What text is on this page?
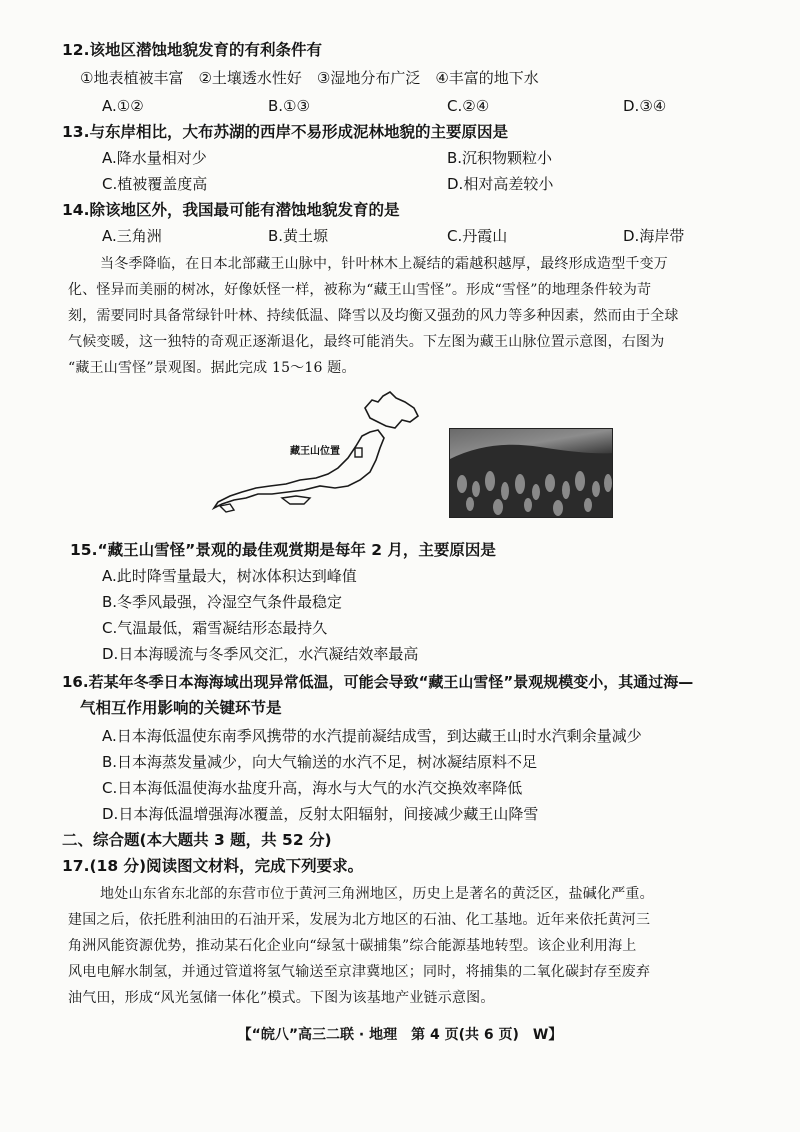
12.该地区潜蚀地貌发育的有利条件有
①地表植被丰富　②土壤透水性好　③湿地分布广泛　④丰富的地下水
A.①②	B.①③	C.②④	D.③④
13.与东岸相比，大布苏湖的西岸不易形成泥林地貌的主要原因是
A.降水量相对少	B.沉积物颗粒小
C.植被覆盖度高	D.相对高差较小
14.除该地区外，我国最可能有潜蚀地貌发育的是
A.三角洲	B.黄土塬	C.丹霞山	D.海岸带
当冬季降临，在日本北部藏王山脉中，针叶林木上凝结的霜越积越厚，最终形成造型千变万
化、怪异而美丽的树冰，好像妖怪一样，被称为“藏王山雪怪”。形成“雪怪”的地理条件较为苛
刻，需要同时具备常绿针叶林、持续低温、降雪以及均衡又强劲的风力等多种因素，然而由于全球
气候变暖，这一独特的奇观正逐渐退化，最终可能消失。下左图为藏王山脉位置示意图，右图为
“藏王山雪怪”景观图。据此完成 15～16 题。
藏王山位置
15.“藏王山雪怪”景观的最佳观赏期是每年 2 月，主要原因是
A.此时降雪量最大，树冰体积达到峰值
B.冬季风最强，冷湿空气条件最稳定
C.气温最低，霜雪凝结形态最持久
D.日本海暖流与冬季风交汇，水汽凝结效率最高
16.若某年冬季日本海海域出现异常低温，可能会导致“藏王山雪怪”景观规模变小，其通过海—
气相互作用影响的关键环节是
A.日本海低温使东南季风携带的水汽提前凝结成雪，到达藏王山时水汽剩余量减少
B.日本海蒸发量减少，向大气输送的水汽不足，树冰凝结原料不足
C.日本海低温使海水盐度升高，海水与大气的水汽交换效率降低
D.日本海低温增强海冰覆盖，反射太阳辐射，间接减少藏王山降雪
二、综合题(本大题共 3 题，共 52 分)
17.(18 分)阅读图文材料，完成下列要求。
地处山东省东北部的东营市位于黄河三角洲地区，历史上是著名的黄泛区，盐碱化严重。
建国之后，依托胜利油田的石油开采，发展为北方地区的石油、化工基地。近年来依托黄河三
角洲风能资源优势，推动某石化企业向“绿氢十碳捕集”综合能源基地转型。该企业利用海上
风电电解水制氢，并通过管道将氢气输送至京津冀地区；同时，将捕集的二氧化碳封存至废弃
油气田，形成“风光氢储一体化”模式。下图为该基地产业链示意图。
【“皖八”高三二联 · 地理　第 4 页(共 6 页)　W】
